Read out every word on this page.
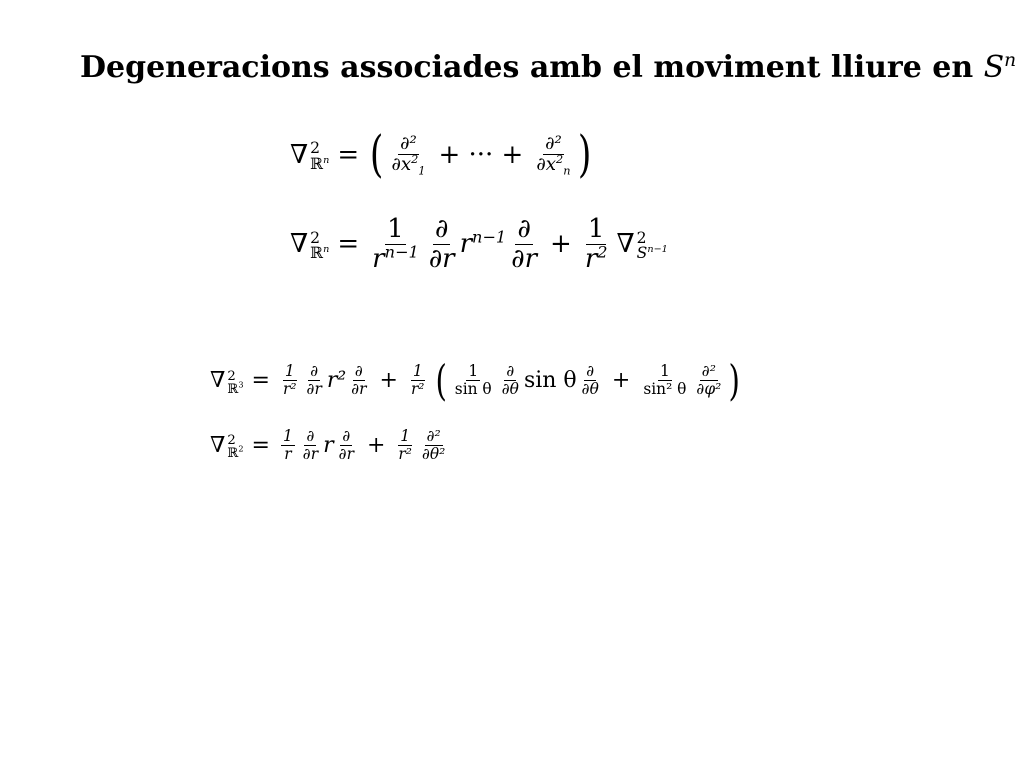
Degeneracions associades amb el moviment lliure en $S^n$
∇ 2
ℝ$^n$ = ( $\frac{\text{∂²}}{\partial x^2_1}$ + ··· + $\frac{\text{∂²}}{\partial x^2_n}$ )
∇ 2
ℝ$^n$ = $\frac{1}{r^{n-1}} \frac{\partial}{\partial r} r^{n-1} \frac{\partial}{\partial r} + \frac{1}{r^2}$ ∇ 2
$S^{n-1}$
∇ 2
ℝ$^3$ = $\frac{1}{\text{r²}} \frac{\partial}{\partial r} r^2 \frac{\partial}{\partial r} + \frac{1}{\text{r²}}$ ( $\frac{1}{\text{sin θ}} \frac{\partial}{\partial\theta}$ sin θ $\frac{\partial}{\partial\theta} + \frac{1}{\text{sin² θ}} \frac{\text{∂²}}{\text{∂φ²}}$ )
∇ 2
ℝ$^2$ = $\frac{1}{r} \frac{\partial}{\partial r}$ r $\frac{\partial}{\partial r} + \frac{1}{\text{r²}} \frac{\text{∂²}}{\text{∂θ²}}$
